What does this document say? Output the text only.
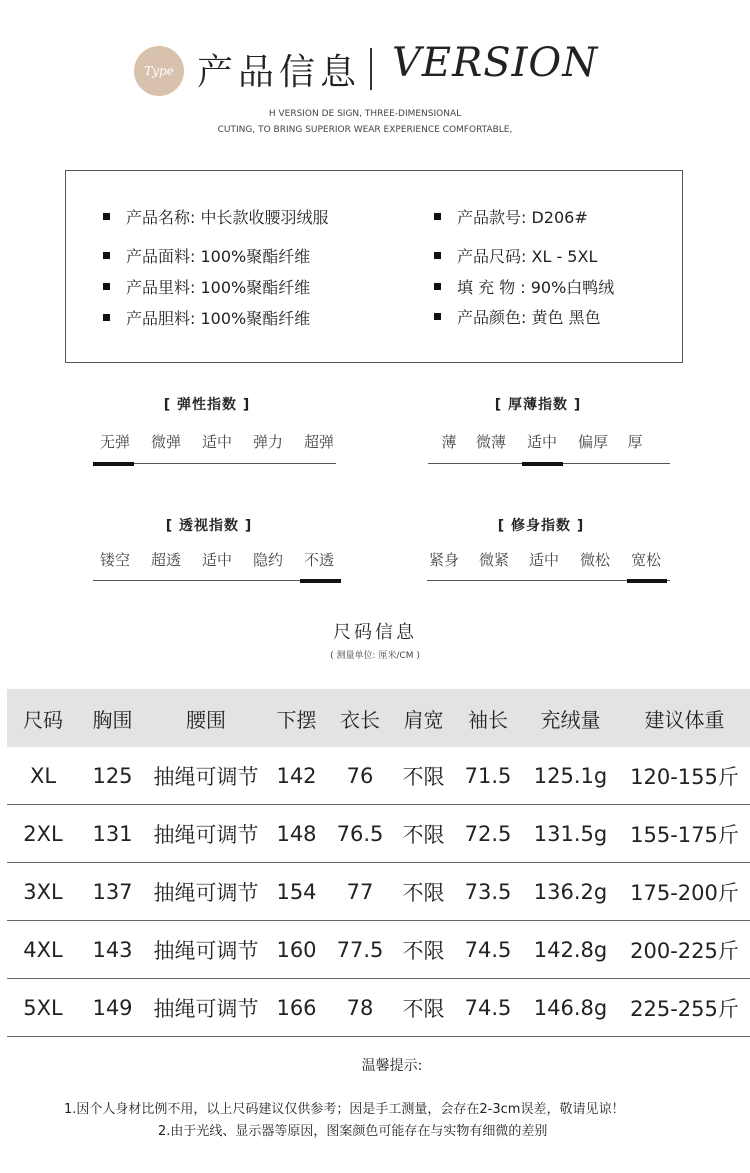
Type 产品信息 VERSION
H VERSION DE SIGN, THREE-DIMENSIONAL
CUTING, TO BRING SUPERIOR WEAR EXPERIENCE COMFORTABLE,
产品名称: 中长款收腰羽绒服
产品面料: 100%聚酯纤维
产品里料: 100%聚酯纤维
产品胆料: 100%聚酯纤维
产品款号: D206#
产品尺码: XL - 5XL
填 充 物 : 90%白鸭绒
产品颜色: 黄色 黑色
[ 弹性指数 ]
无弹	微弹	适中	弹力	超弹
[ 厚薄指数 ]
薄	微薄	适中	偏厚	厚
[ 透视指数 ]
镂空	超透	适中	隐约	不透
[ 修身指数 ]
紧身	微紧	适中	微松	宽松
尺码信息
( 测量单位: 厘米/CM )
尺码	胸围	腰围	下摆	衣长	肩宽	袖长	充绒量	建议体重
XL	125	抽绳可调节	142	76	不限	71.5	125.1g	120-155斤
2XL	131	抽绳可调节	148	76.5	不限	72.5	131.5g	155-175斤
3XL	137	抽绳可调节	154	77	不限	73.5	136.2g	175-200斤
4XL	143	抽绳可调节	160	77.5	不限	74.5	142.8g	200-225斤
5XL	149	抽绳可调节	166	78	不限	74.5	146.8g	225-255斤
温馨提示:
1.因个人身材比例不用，以上尺码建议仅供参考；因是手工测量，会存在2-3cm误差，敬请见谅！
2.由于光线、显示器等原因，图案颜色可能存在与实物有细微的差别
